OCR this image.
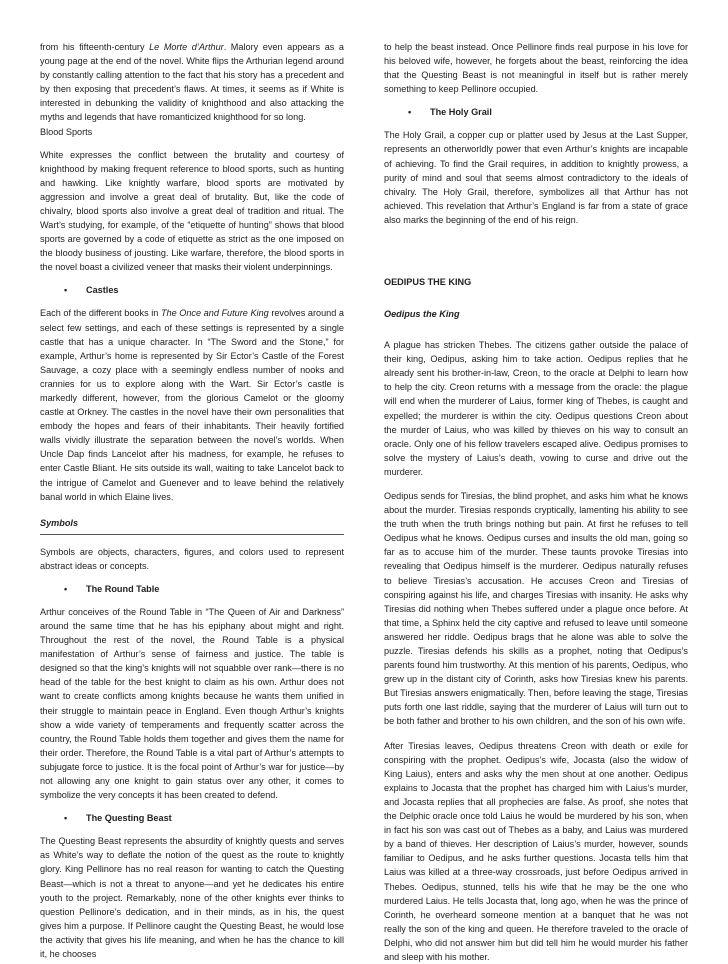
from his fifteenth-century Le Morte d’Arthur. Malory even appears as a young page at the end of the novel. White flips the Arthurian legend around by constantly calling attention to the fact that his story has a precedent and by then exposing that precedent’s flaws. At times, it seems as if White is interested in debunking the validity of knighthood and also attacking the myths and legends that have romanticized knighthood for so long.

Blood Sports

White expresses the conflict between the brutality and courtesy of knighthood by making frequent reference to blood sports, such as hunting and hawking. Like knightly warfare, blood sports are motivated by aggression and involve a great deal of brutality. But, like the code of chivalry, blood sports also involve a great deal of tradition and ritual. The Wart’s studying, for example, of the “etiquette of hunting” shows that blood sports are governed by a code of etiquette as strict as the one imposed on the bloody business of jousting. Like warfare, therefore, the blood sports in the novel boast a civilized veneer that masks their violent underpinnings.

•	Castles

Each of the different books in The Once and Future King revolves around a select few settings, and each of these settings is represented by a single castle that has a unique character. In “The Sword and the Stone,” for example, Arthur’s home is represented by Sir Ector’s Castle of the Forest Sauvage, a cozy place with a seemingly endless number of nooks and crannies for us to explore along with the Wart. Sir Ector’s castle is markedly different, however, from the glorious Camelot or the gloomy castle at Orkney. The castles in the novel have their own personalities that embody the hopes and fears of their inhabitants. Their heavily fortified walls vividly illustrate the separation between the novel’s worlds. When Uncle Dap finds Lancelot after his madness, for example, he refuses to enter Castle Bliant. He sits outside its wall, waiting to take Lancelot back to the intrigue of Camelot and Guenever and to leave behind the relatively banal world in which Elaine lives.

Symbols

Symbols are objects, characters, figures, and colors used to represent abstract ideas or concepts.

•	The Round Table

Arthur conceives of the Round Table in “The Queen of Air and Darkness” around the same time that he has his epiphany about might and right. Throughout the rest of the novel, the Round Table is a physical manifestation of Arthur’s sense of fairness and justice. The table is designed so that the king’s knights will not squabble over rank—there is no head of the table for the best knight to claim as his own. Arthur does not want to create conflicts among knights because he wants them unified in their struggle to maintain peace in England. Even though Arthur’s knights show a wide variety of temperaments and frequently scatter across the country, the Round Table holds them together and gives them the name for their order. Therefore, the Round Table is a vital part of Arthur’s attempts to subjugate force to justice. It is the focal point of Arthur’s war for justice—by not allowing any one knight to gain status over any other, it comes to symbolize the very concepts it has been created to defend.

•	The Questing Beast

The Questing Beast represents the absurdity of knightly quests and serves as White’s way to deflate the notion of the quest as the route to knightly glory. King Pellinore has no real reason for wanting to catch the Questing Beast—which is not a threat to anyone—and yet he dedicates his entire youth to the project. Remarkably, none of the other knights ever thinks to question Pellinore’s dedication, and in their minds, as in his, the quest gives him a purpose. If Pellinore caught the Questing Beast, he would lose the activity that gives his life meaning, and when he has the chance to kill it, he chooses

to help the beast instead. Once Pellinore finds real purpose in his love for his beloved wife, however, he forgets about the beast, reinforcing the idea that the Questing Beast is not meaningful in itself but is rather merely something to keep Pellinore occupied.

•	The Holy Grail

The Holy Grail, a copper cup or platter used by Jesus at the Last Supper, represents an otherworldly power that even Arthur’s knights are incapable of achieving. To find the Grail requires, in addition to knightly prowess, a purity of mind and soul that seems almost contradictory to the ideals of chivalry. The Holy Grail, therefore, symbolizes all that Arthur has not achieved. This revelation that Arthur’s England is far from a state of grace also marks the beginning of the end of his reign.

OEDIPUS THE KING

Oedipus the King

A plague has stricken Thebes. The citizens gather outside the palace of their king, Oedipus, asking him to take action. Oedipus replies that he already sent his brother-in-law, Creon, to the oracle at Delphi to learn how to help the city. Creon returns with a message from the oracle: the plague will end when the murderer of Laius, former king of Thebes, is caught and expelled; the murderer is within the city. Oedipus questions Creon about the murder of Laius, who was killed by thieves on his way to consult an oracle. Only one of his fellow travelers escaped alive. Oedipus promises to solve the mystery of Laius’s death, vowing to curse and drive out the murderer.

Oedipus sends for Tiresias, the blind prophet, and asks him what he knows about the murder. Tiresias responds cryptically, lamenting his ability to see the truth when the truth brings nothing but pain. At first he refuses to tell Oedipus what he knows. Oedipus curses and insults the old man, going so far as to accuse him of the murder. These taunts provoke Tiresias into revealing that Oedipus himself is the murderer. Oedipus naturally refuses to believe Tiresias’s accusation. He accuses Creon and Tiresias of conspiring against his life, and charges Tiresias with insanity. He asks why Tiresias did nothing when Thebes suffered under a plague once before. At that time, a Sphinx held the city captive and refused to leave until someone answered her riddle. Oedipus brags that he alone was able to solve the puzzle. Tiresias defends his skills as a prophet, noting that Oedipus’s parents found him trustworthy. At this mention of his parents, Oedipus, who grew up in the distant city of Corinth, asks how Tiresias knew his parents. But Tiresias answers enigmatically. Then, before leaving the stage, Tiresias puts forth one last riddle, saying that the murderer of Laius will turn out to be both father and brother to his own children, and the son of his own wife.

After Tiresias leaves, Oedipus threatens Creon with death or exile for conspiring with the prophet. Oedipus’s wife, Jocasta (also the widow of King Laius), enters and asks why the men shout at one another. Oedipus explains to Jocasta that the prophet has charged him with Laius’s murder, and Jocasta replies that all prophecies are false. As proof, she notes that the Delphic oracle once told Laius he would be murdered by his son, when in fact his son was cast out of Thebes as a baby, and Laius was murdered by a band of thieves. Her description of Laius’s murder, however, sounds familiar to Oedipus, and he asks further questions. Jocasta tells him that Laius was killed at a three-way crossroads, just before Oedipus arrived in Thebes. Oedipus, stunned, tells his wife that he may be the one who murdered Laius. He tells Jocasta that, long ago, when he was the prince of Corinth, he overheard someone mention at a banquet that he was not really the son of the king and queen. He therefore traveled to the oracle of Delphi, who did not answer him but did tell him he would murder his father and sleep with his mother.
